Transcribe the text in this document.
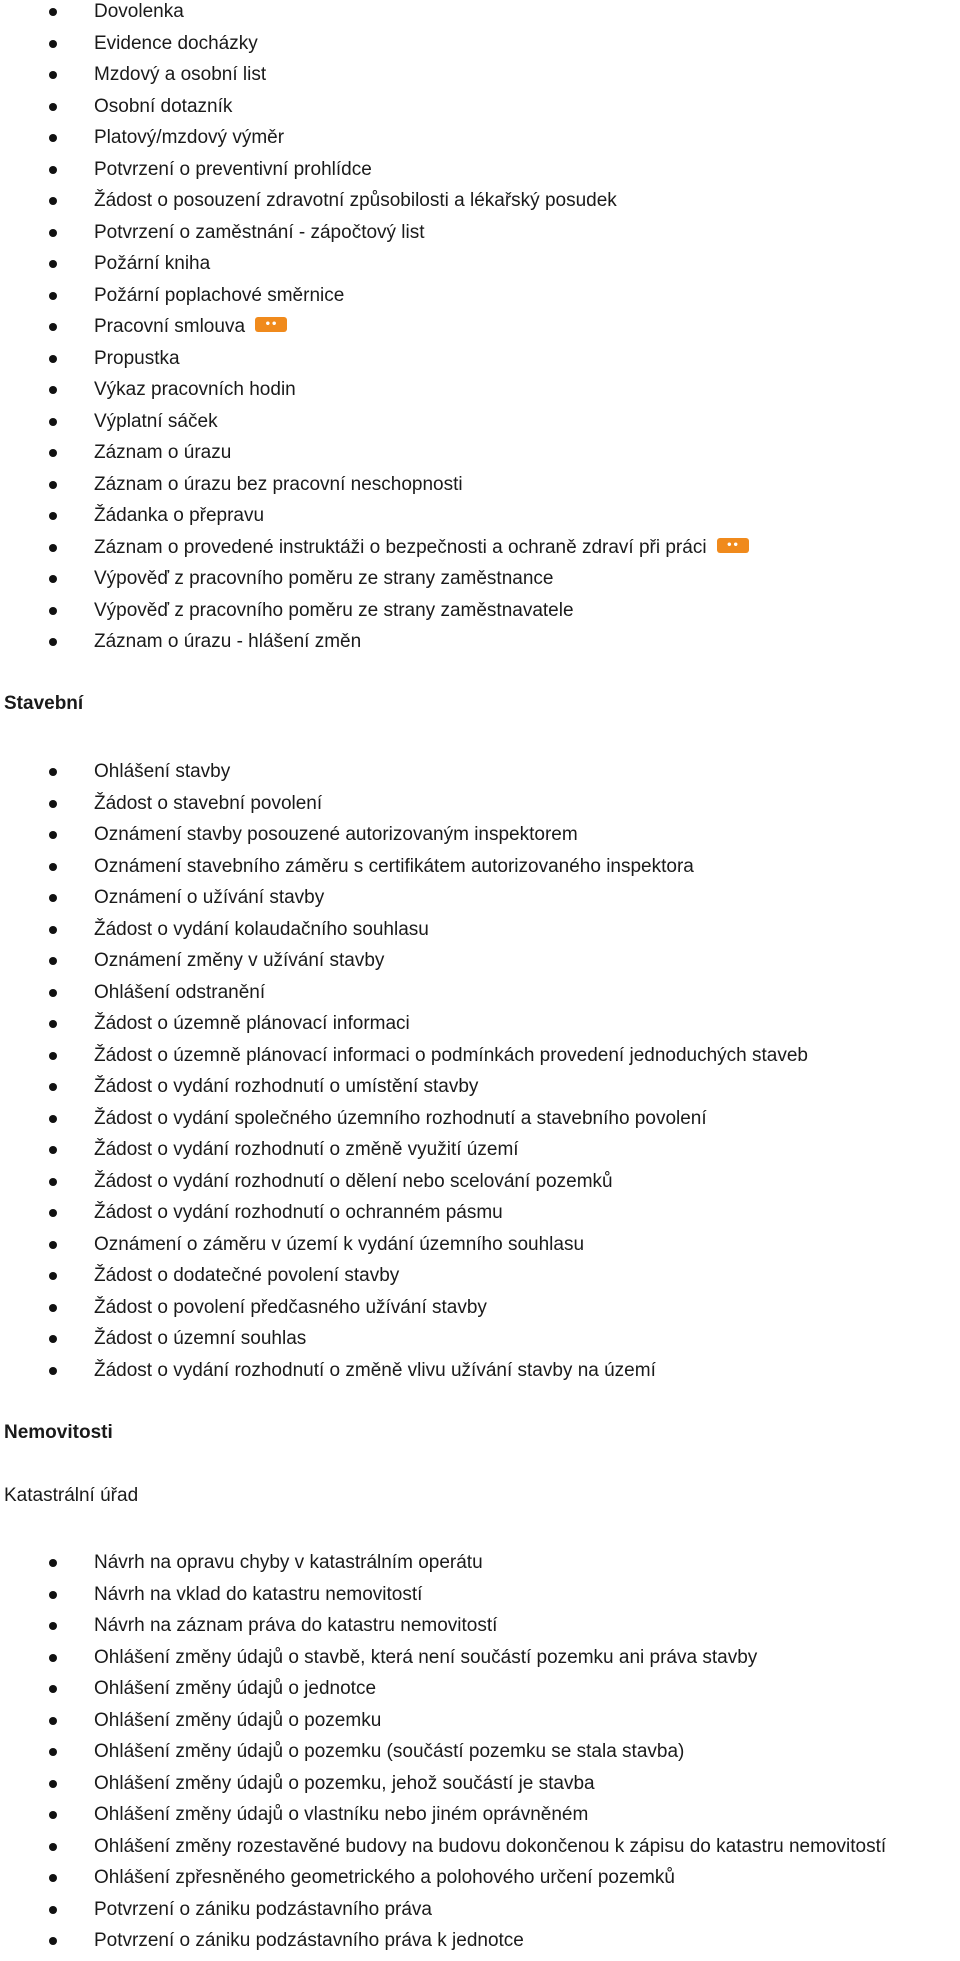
Dovolenka
Evidence docházky
Mzdový a osobní list
Osobní dotazník
Platový/mzdový výměr
Potvrzení o preventivní prohlídce
Žádost o posouzení zdravotní způsobilosti a lékařský posudek
Potvrzení o zaměstnání - zápočtový list
Požární kniha
Požární poplachové směrnice
Pracovní smlouva	••
Propustka
Výkaz pracovních hodin
Výplatní sáček
Záznam o úrazu
Záznam o úrazu bez pracovní neschopnosti
Žádanka o přepravu
Záznam o provedené instruktáži o bezpečnosti a ochraně zdraví při práci	••
Výpověď z pracovního poměru ze strany zaměstnance
Výpověď z pracovního poměru ze strany zaměstnavatele
Záznam o úrazu - hlášení změn
Stavební
Ohlášení stavby
Žádost o stavební povolení
Oznámení stavby posouzené autorizovaným inspektorem
Oznámení stavebního záměru s certifikátem autorizovaného inspektora
Oznámení o užívání stavby
Žádost o vydání kolaudačního souhlasu
Oznámení změny v užívání stavby
Ohlášení odstranění
Žádost o územně plánovací informaci
Žádost o územně plánovací informaci o podmínkách provedení jednoduchých staveb
Žádost o vydání rozhodnutí o umístění stavby
Žádost o vydání společného územního rozhodnutí a stavebního povolení
Žádost o vydání rozhodnutí o změně využití území
Žádost o vydání rozhodnutí o dělení nebo scelování pozemků
Žádost o vydání rozhodnutí o ochranném pásmu
Oznámení o záměru v území k vydání územního souhlasu
Žádost o dodatečné povolení stavby
Žádost o povolení předčasného užívání stavby
Žádost o územní souhlas
Žádost o vydání rozhodnutí o změně vlivu užívání stavby na území
Nemovitosti
Katastrální úřad
Návrh na opravu chyby v katastrálním operátu
Návrh na vklad do katastru nemovitostí
Návrh na záznam práva do katastru nemovitostí
Ohlášení změny údajů o stavbě, která není součástí pozemku ani práva stavby
Ohlášení změny údajů o jednotce
Ohlášení změny údajů o pozemku
Ohlášení změny údajů o pozemku (součástí pozemku se stala stavba)
Ohlášení změny údajů o pozemku, jehož součástí je stavba
Ohlášení změny údajů o vlastníku nebo jiném oprávněném
Ohlášení změny rozestavěné budovy na budovu dokončenou k zápisu do katastru nemovitostí
Ohlášení zpřesněného geometrického a polohového určení pozemků
Potvrzení o zániku podzástavního práva
Potvrzení o zániku podzástavního práva k jednotce
